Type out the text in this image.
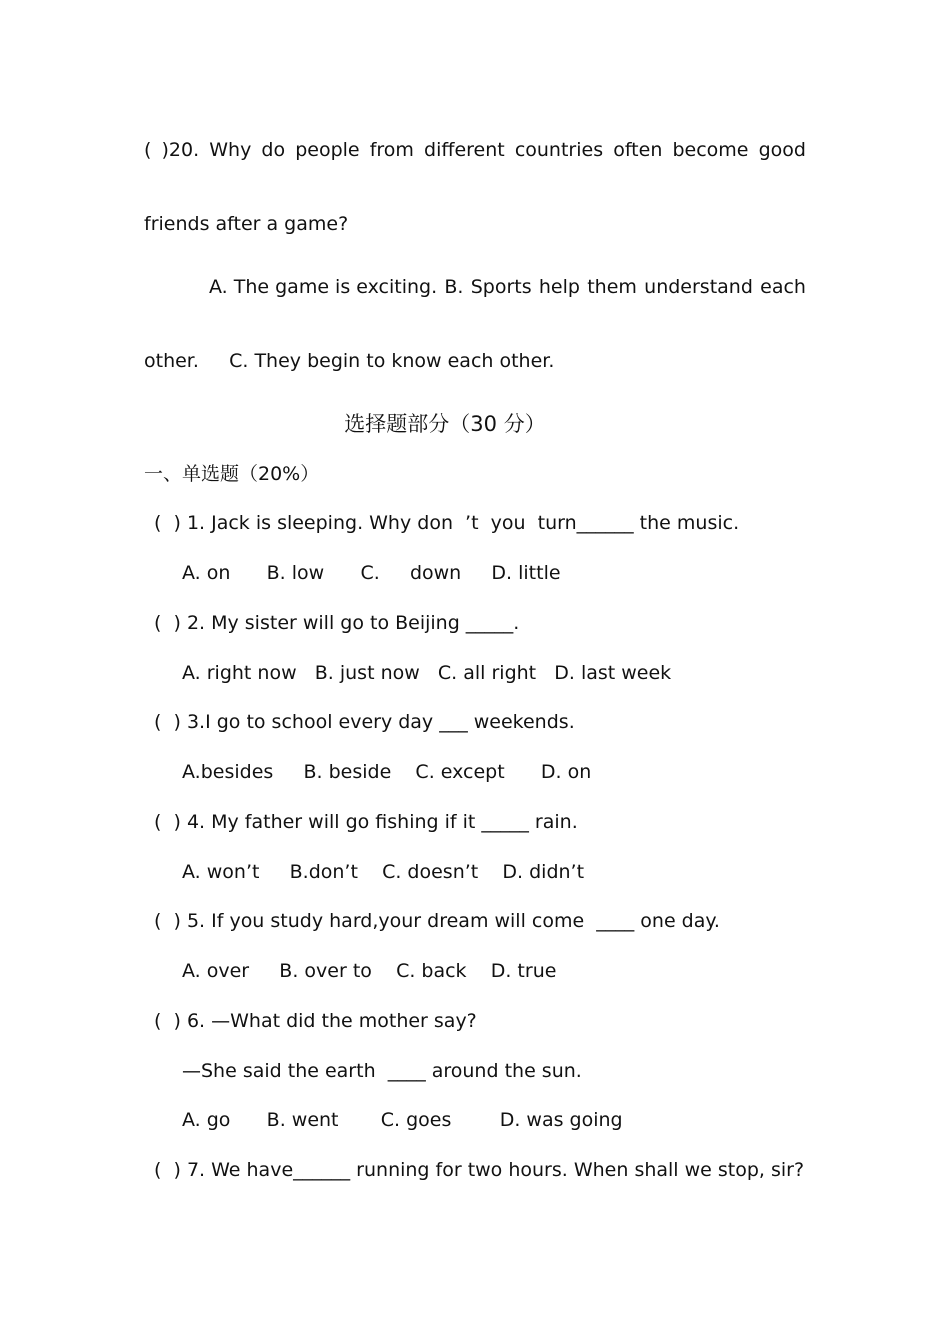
( )20. Why do people from different countries often become good
friends after a game?
A. The game is exciting. B. Sports help them understand each
other.     C. They begin to know each other.
选择题部分（30 分）
一、单选题（20%）
(  ) 1. Jack is sleeping. Why don  ’t  you  turn______ the music.
A. on      B. low      C.     down     D. little
(  ) 2. My sister will go to Beijing _____.
A. right now   B. just now   C. all right   D. last week
(  ) 3.I go to school every day ___ weekends.
A.besides     B. beside    C. except      D. on
(  ) 4. My father will go fishing if it _____ rain.
A. won’t     B.don’t    C. doesn’t    D. didn’t
(  ) 5. If you study hard,your dream will come  ____ one day.
A. over     B. over to    C. back    D. true
(  ) 6. —What did the mother say?
—She said the earth  ____ around the sun.
A. go      B. went       C. goes        D. was going
(  ) 7. We have______ running for two hours. When shall we stop, sir?
